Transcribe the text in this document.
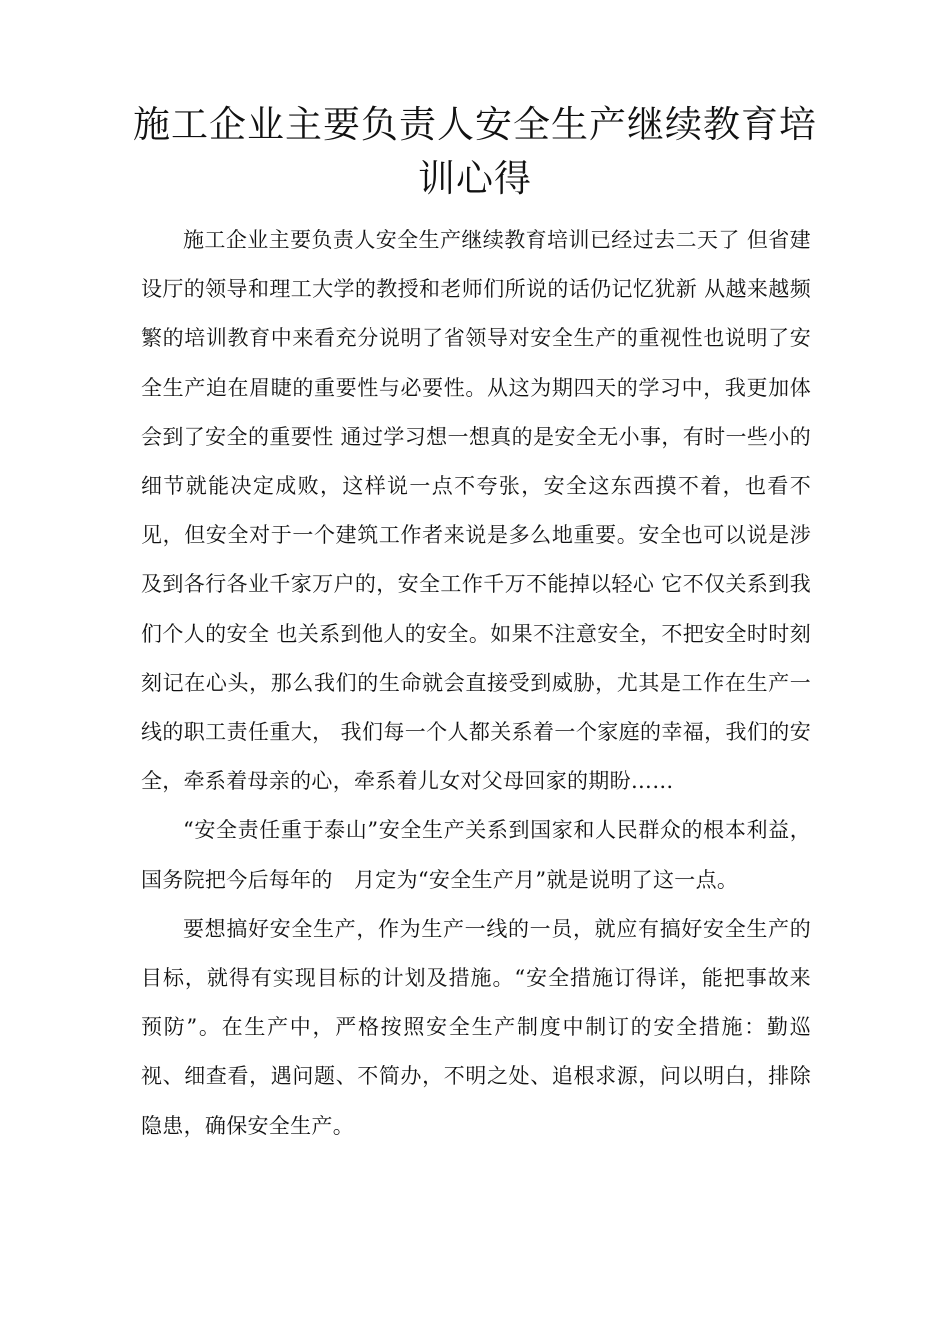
施工企业主要负责人安全生产继续教育培训心得

施工企业主要负责人安全生产继续教育培训已经过去二天了 但省建设厅的领导和理工大学的教授和老师们所说的话仍记忆犹新 从越来越频繁的培训教育中来看充分说明了省领导对安全生产的重视性也说明了安全生产迫在眉睫的重要性与必要性。从这为期四天的学习中，我更加体会到了安全的重要性 通过学习想一想真的是安全无小事，有时一些小的细节就能决定成败，这样说一点不夸张，安全这东西摸不着，也看不见，但安全对于一个建筑工作者来说是多么地重要。安全也可以说是涉及到各行各业千家万户的，安全工作千万不能掉以轻心 它不仅关系到我们个人的安全 也关系到他人的安全。如果不注意安全，不把安全时时刻刻记在心头，那么我们的生命就会直接受到威胁，尤其是工作在生产一线的职工责任重大， 我们每一个人都关系着一个家庭的幸福，我们的安全，牵系着母亲的心，牵系着儿女对父母回家的期盼……

“安全责任重于泰山”安全生产关系到国家和人民群众的根本利益，国务院把今后每年的　月定为“安全生产月”就是说明了这一点。

要想搞好安全生产，作为生产一线的一员，就应有搞好安全生产的目标，就得有实现目标的计划及措施。“安全措施订得详，能把事故来预防”。在生产中，严格按照安全生产制度中制订的安全措施：勤巡视、细查看，遇问题、不简办，不明之处、追根求源，问以明白，排除隐患，确保安全生产。
